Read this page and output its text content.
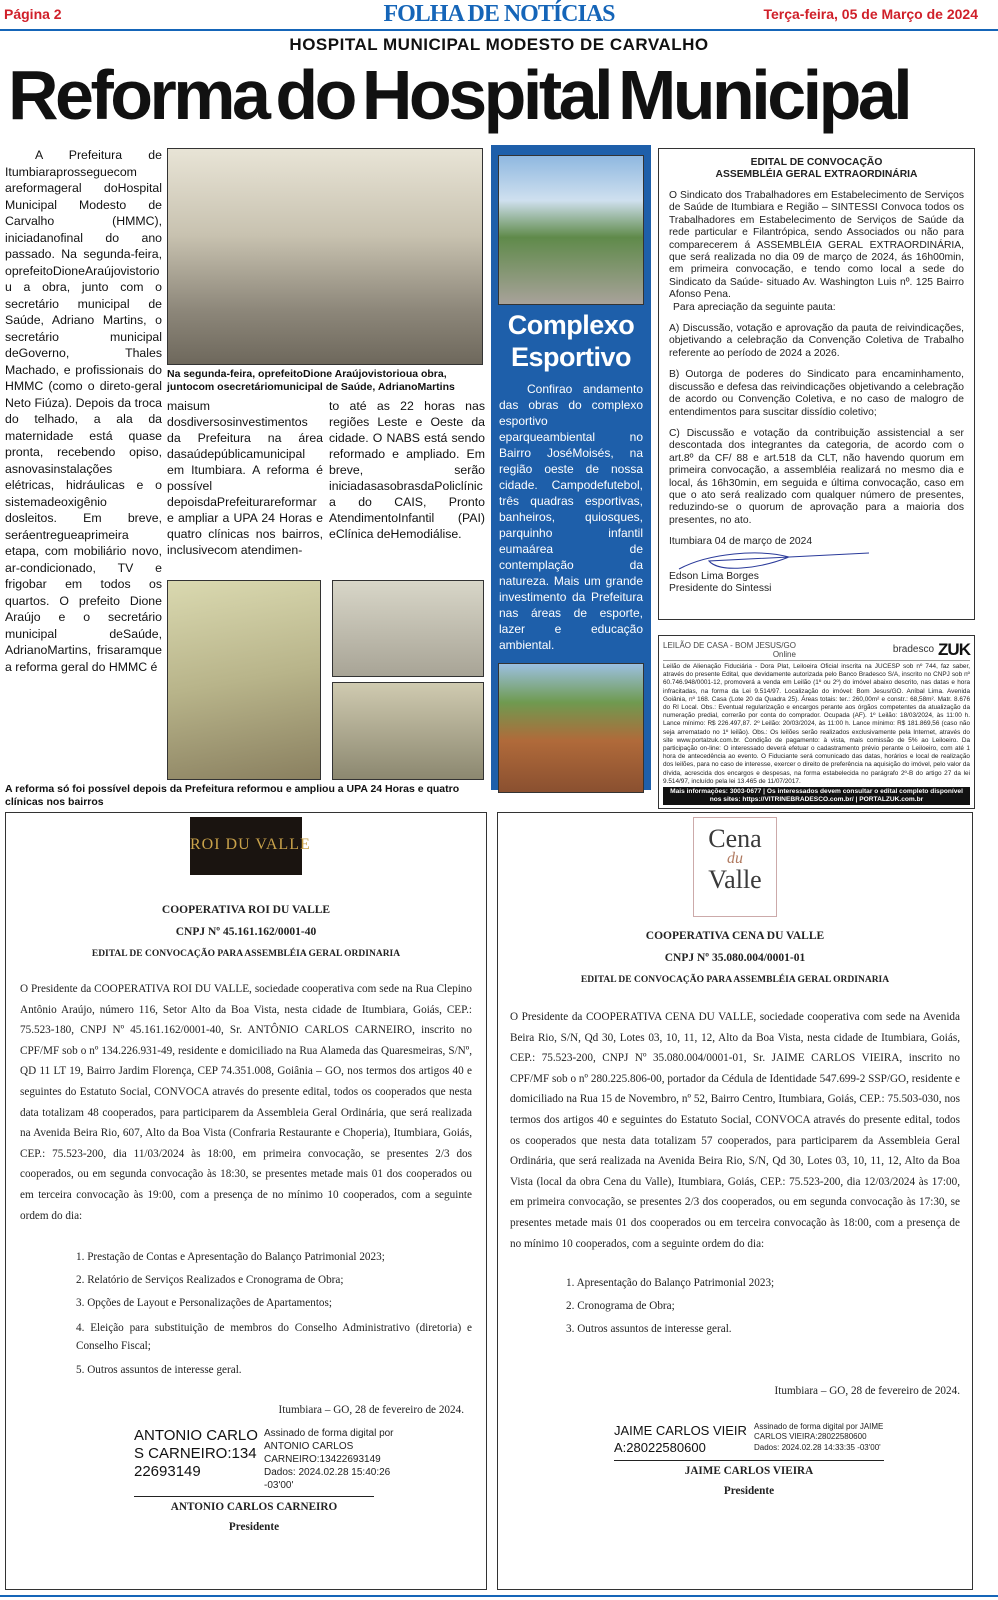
Página 2	FOLHA DE NOTÍCIAS	Terça-feira, 05 de Março de 2024
HOSPITAL MUNICIPAL MODESTO DE CARVALHO
Reforma do Hospital Municipal
A Prefeitura de Itumbiaraprosseguecom areformageral doHospital Municipal Modesto de Carvalho (HMMC), iniciadanofinal do ano passado. Na segunda-feira, oprefeitoDioneAraújovistoriou a obra, junto com o secretário municipal de Saúde, Adriano Martins, o secretário municipal deGoverno, Thales Machado, e profissionais do HMMC (como o direto-geral Neto Fiúza). Depois da troca do telhado, a ala da maternidade está quase pronta, recebendo opiso, asnovasinstalações elétricas, hidráulicas e o sistemadeoxigênio dosleitos. Em breve, seráentregueaprimeira etapa, com mobiliário novo, ar-condicionado, TV e frigobar em todos os quartos. O prefeito Dione Araújo e o secretário municipal deSaúde, AdrianoMartins, frisaramque a reforma geral do HMMC é
Na segunda-feira, oprefeitoDione Araújovistorioua obra, juntocom osecretáriomunicipal de Saúde, AdrianoMartins
maisum dosdiversosinvestimentos da Prefeitura na área dasaúdepúblicamunicipal em Itumbiara. A reforma é possível depoisdaPrefeiturareformar e ampliar a UPA 24 Horas e quatro clínicas nos bairros, inclusivecom atendimen-
to até as 22 horas nas regiões Leste e Oeste da cidade. O NABS está sendo reformado e ampliado. Em breve, serão iniciadasasobrasdaPoliclínica do CAIS, Pronto AtendimentoInfantil (PAI) eClínica deHemodiálise.
A reforma só foi possível depois da Prefeitura reformou e ampliou a UPA 24 Horas e quatro clínicas nos bairros
Complexo Esportivo
Confirao andamento das obras do complexo esportivo eparqueambiental no Bairro JoséMoisés, na região oeste de nossa cidade. Campodefutebol, três quadras esportivas, banheiros, quiosques, parquinho infantil eumaárea de contemplação da natureza. Mais um grande investimento da Prefeitura nas áreas de esporte, lazer e educação ambiental.
EDITAL DE CONVOCAÇÃO
ASSEMBLÉIA GERAL EXTRAORDINÁRIA

O Sindicato dos Trabalhadores em Estabelecimento de Serviços de Saúde de Itumbiara e Região – SINTESSI Convoca todos os Trabalhadores em Estabelecimento de Serviços de Saúde da rede particular e Filantrópica, sendo Associados ou não para comparecerem á ASSEMBLÉIA GERAL EXTRAORDINÁRIA, que será realizada no dia 09 de março de 2024, ás 16h00min, em primeira convocação, e tendo como local a sede do Sindicato da Saúde- situado Av. Washington Luis nº. 125 Bairro Afonso Pena.

Para apreciação da seguinte pauta:

A) Discussão, votação e aprovação da pauta de reivindicações, objetivando a celebração da Convenção Coletiva de Trabalho referente ao período de 2024 a 2026.

B) Outorga de poderes do Sindicato para encaminhamento, discussão e defesa das reivindicações objetivando a celebração de acordo ou Convenção Coletiva, e no caso de malogro de entendimentos para suscitar dissídio coletivo;

C) Discussão e votação da contribuição assistencial a ser descontada dos integrantes da categoria, de acordo com o art.8º da CF/ 88 e art.518 da CLT, não havendo quorum em primeira convocação, a assembléia realizará no mesmo dia e local, ás 16h30min, em seguida e última convocação, caso em que o ato será realizado com qualquer número de presentes, reduzindo-se o quorum de aprovação para a maioria dos presentes, no ato.

Itumbiara 04 de março de 2024

Edson Lima Borges

Presidente do Sintessi

LEILÃO DE CASA - BOM JESUS/GO
Online	bradesco ZUK

Leilão de Alienação Fiduciária - Dora Plat, Leiloeira Oficial inscrita na JUCESP sob nº 744, faz saber, através do presente Edital, que devidamente autorizada pelo Banco Bradesco S/A, inscrito no CNPJ sob nº 60.746.948/0001-12, promoverá a venda em Leilão (1º ou 2º) do imóvel abaixo descrito, nas datas e hora infracitadas, na forma da Lei 9.514/97. Localização do imóvel: Bom Jesus/GO. Aníbal Lima. Avenida Goiânia, nº 168. Casa (Lote 20 da Quadra 25). Áreas totais: ter.: 260,00m² e constr.: 68,58m². Matr. 8.676 do RI Local. Obs.: Eventual regularização e encargos perante aos órgãos competentes da atualização da numeração predial, correrão por conta do comprador. Ocupada (AF). 1º Leilão: 18/03/2024, às 11:00 h. Lance mínimo: R$ 226.497,87. 2º Leilão: 20/03/2024, às 11:00 h. Lance mínimo: R$ 181.869,56 (caso não seja arrematado no 1º leilão). Obs.: Os leilões serão realizados exclusivamente pela Internet, através do site www.portalzuk.com.br. Condição de pagamento: à vista, mais comissão de 5% ao Leiloeiro. Da participação on-line: O interessado deverá efetuar o cadastramento prévio perante o Leiloeiro, com até 1 hora de antecedência ao evento. O Fiduciante será comunicado das datas, horários e local de realização dos leilões, para no caso de interesse, exercer o direito de preferência na aquisição do imóvel, pelo valor da dívida, acrescida dos encargos e despesas, na forma estabelecida no parágrafo 2º-B do artigo 27 da lei 9.514/97, incluído pela lei 13.465 de 11/07/2017.

Mais informações: 3003-0677 | Os interessados devem consultar o edital completo disponível nos sites: https://VITRINEBRADESCO.com.br/ | PORTALZUK.com.br
ROI DU VALLE
COOPERATIVA ROI DU VALLE
CNPJ Nº 45.161.162/0001-40
EDITAL DE CONVOCAÇÃO PARA ASSEMBLÉIA GERAL ORDINARIA

O Presidente da COOPERATIVA ROI DU VALLE, sociedade cooperativa com sede na Rua Clepino Antônio Araújo, número 116, Setor Alto da Boa Vista, nesta cidade de Itumbiara, Goiás, CEP.: 75.523-180, CNPJ Nº 45.161.162/0001-40, Sr. ANTÔNIO CARLOS CARNEIRO, inscrito no CPF/MF sob o nº 134.226.931-49, residente e domiciliado na Rua Alameda das Quaresmeiras, S/Nº, QD 11 LT 19, Bairro Jardim Florença, CEP 74.351.008, Goiânia – GO, nos termos dos artigos 40 e seguintes do Estatuto Social, CONVOCA através do presente edital, todos os cooperados que nesta data totalizam 48 cooperados, para participarem da Assembleia Geral Ordinária, que será realizada na Avenida Beira Rio, 607, Alto da Boa Vista (Confraria Restaurante e Choperia), Itumbiara, Goiás, CEP.: 75.523-200, dia 11/03/2024 às 18:00, em primeira convocação, se presentes 2/3 dos cooperados, ou em segunda convocação às 18:30, se presentes metade mais 01 dos cooperados ou em terceira convocação às 19:00, com a presença de no mínimo 10 cooperados, com a seguinte ordem do dia:

1. Prestação de Contas e Apresentação do Balanço Patrimonial 2023;
2. Relatório de Serviços Realizados e Cronograma de Obra;
3. Opções de Layout e Personalizações de Apartamentos;
4. Eleição para substituição de membros do Conselho Administrativo (diretoria) e Conselho Fiscal;
5. Outros assuntos de interesse geral.
Itumbiara – GO, 28 de fevereiro de 2024.
ANTONIO CARLOS CARNEIRO:13422693149
Assinado de forma digital por ANTONIO CARLOS CARNEIRO:13422693149 Dados: 2024.02.28 15:40:26 -03'00'
ANTONIO CARLOS CARNEIRO
Presidente
Cena
du
Valle
COOPERATIVA CENA DU VALLE
CNPJ Nº 35.080.004/0001-01
EDITAL DE CONVOCAÇÃO PARA ASSEMBLÉIA GERAL ORDINARIA

O Presidente da COOPERATIVA CENA DU VALLE, sociedade cooperativa com sede na Avenida Beira Rio, S/N, Qd 30, Lotes 03, 10, 11, 12, Alto da Boa Vista, nesta cidade de Itumbiara, Goiás, CEP.: 75.523-200, CNPJ Nº 35.080.004/0001-01, Sr. JAIME CARLOS VIEIRA, inscrito no CPF/MF sob o nº 280.225.806-00, portador da Cédula de Identidade 547.699-2 SSP/GO, residente e domiciliado na Rua 15 de Novembro, nº 52, Bairro Centro, Itumbiara, Goiás, CEP.: 75.503-030, nos termos dos artigos 40 e seguintes do Estatuto Social, CONVOCA através do presente edital, todos os cooperados que nesta data totalizam 57 cooperados, para participarem da Assembleia Geral Ordinária, que será realizada na Avenida Beira Rio, S/N, Qd 30, Lotes 03, 10, 11, 12, Alto da Boa Vista (local da obra Cena du Valle), Itumbiara, Goiás, CEP.: 75.523-200, dia 12/03/2024 às 17:00, em primeira convocação, se presentes 2/3 dos cooperados, ou em segunda convocação às 17:30, se presentes metade mais 01 dos cooperados ou em terceira convocação às 18:00, com a presença de no mínimo 10 cooperados, com a seguinte ordem do dia:

1. Apresentação do Balanço Patrimonial 2023;
2. Cronograma de Obra;
3. Outros assuntos de interesse geral.
Itumbiara – GO, 28 de fevereiro de 2024.
JAIME CARLOS VIEIRA:28022580600
Assinado de forma digital por JAIME CARLOS VIEIRA:28022580600 Dados: 2024.02.28 14:33:35 -03'00'
JAIME CARLOS VIEIRA
Presidente
